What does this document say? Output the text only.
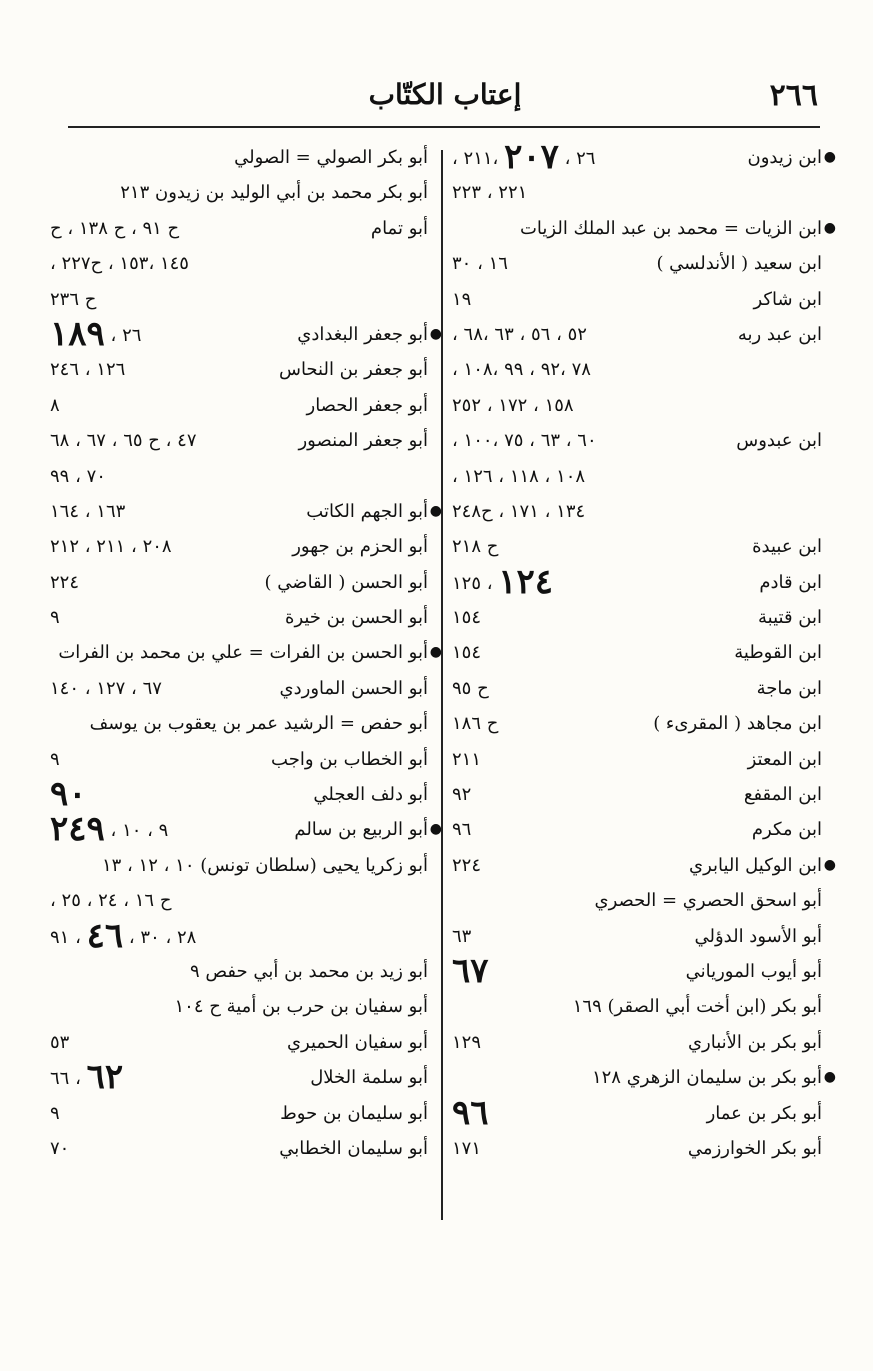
٢٦٦
إعتاب الكتّاب
●
ابن زيدون
٢٦ ، ٢٠٧ ،٢١١ ،
٢٢١ ، ٢٢٣
●
ابن الزيات = محمد بن عبد الملك الزيات
ابن سعيد ( الأندلسي )
١٦ ، ٣٠
ابن شاكر
١٩
ابن عبد ربه
٥٢ ، ٥٦ ، ٦٣ ،٦٨ ،
٧٨ ،٩٢ ، ٩٩ ،١٠٨ ،
١٥٨ ، ١٧٢ ، ٢٥٢
ابن عبدوس
٦٠ ، ٦٣ ، ٧٥ ،١٠٠ ،
١٠٨ ، ١١٨ ، ١٢٦ ،
١٣٤ ، ١٧١ ، ح٢٤٨
ابن عبيدة
ح ٢١٨
ابن قادم
١٢٤ ، ١٢٥
ابن قتيبة
١٥٤
ابن القوطية
١٥٤
ابن ماجة
ح ٩٥
ابن مجاهد ( المقرىء )
ح ١٨٦
ابن المعتز
٢١١
ابن المقفع
٩٢
ابن مكرم
٩٦
●
ابن الوكيل اليابري
٢٢٤
أبو اسحق الحصري = الحصري
أبو الأسود الدؤلي
٦٣
أبو أيوب المورياني
٦٧
أبو بكر (ابن أخت أبي الصقر) ١٦٩
أبو بكر بن الأنباري
١٢٩
●
أبو بكر بن سليمان الزهري ١٢٨
أبو بكر بن عمار
٩٦
أبو بكر الخوارزمي
١٧١
أبو بكر الصولي = الصولي
أبو بكر محمد بن أبي الوليد بن زيدون ٢١٣
أبو تمام
ح ٩١ ، ح ١٣٨ ، ح
١٤٥ ،١٥٣ ، ح٢٢٧ ،
ح ٢٣٦
●
أبو جعفر البغدادي
٢٦ ، ١٨٩
أبو جعفر بن النحاس
١٢٦ ، ٢٤٦
أبو جعفر الحصار
٨
أبو جعفر المنصور
٤٧ ، ح ٦٥ ، ٦٧ ، ٦٨
٧٠ ، ٩٩
●
أبو الجهم الكاتب
١٦٣ ، ١٦٤
أبو الحزم بن جهور
٢٠٨ ، ٢١١ ، ٢١٢
أبو الحسن ( القاضي )
٢٢٤
أبو الحسن بن خيرة
٩
●
أبو الحسن بن الفرات = علي بن محمد بن الفرات
أبو الحسن الماوردي
٦٧ ، ١٢٧ ، ١٤٠
أبو حفص = الرشيد عمر بن يعقوب بن يوسف
أبو الخطاب بن واجب
٩
أبو دلف العجلي
٩٠
●
أبو الربيع بن سالم
٩ ، ١٠ ، ٢٤٩
أبو زكريا يحيى (سلطان تونس) ١٠ ، ١٢ ، ١٣
ح ١٦ ، ٢٤ ، ٢٥ ،
٢٨ ، ٣٠ ، ٤٦ ، ٩١
أبو زيد بن محمد بن أبي حفص ٩
أبو سفيان بن حرب بن أمية ح ١٠٤
أبو سفيان الحميري
٥٣
أبو سلمة الخلال
٦٢ ، ٦٦
أبو سليمان بن حوط
٩
أبو سليمان الخطابي
٧٠
